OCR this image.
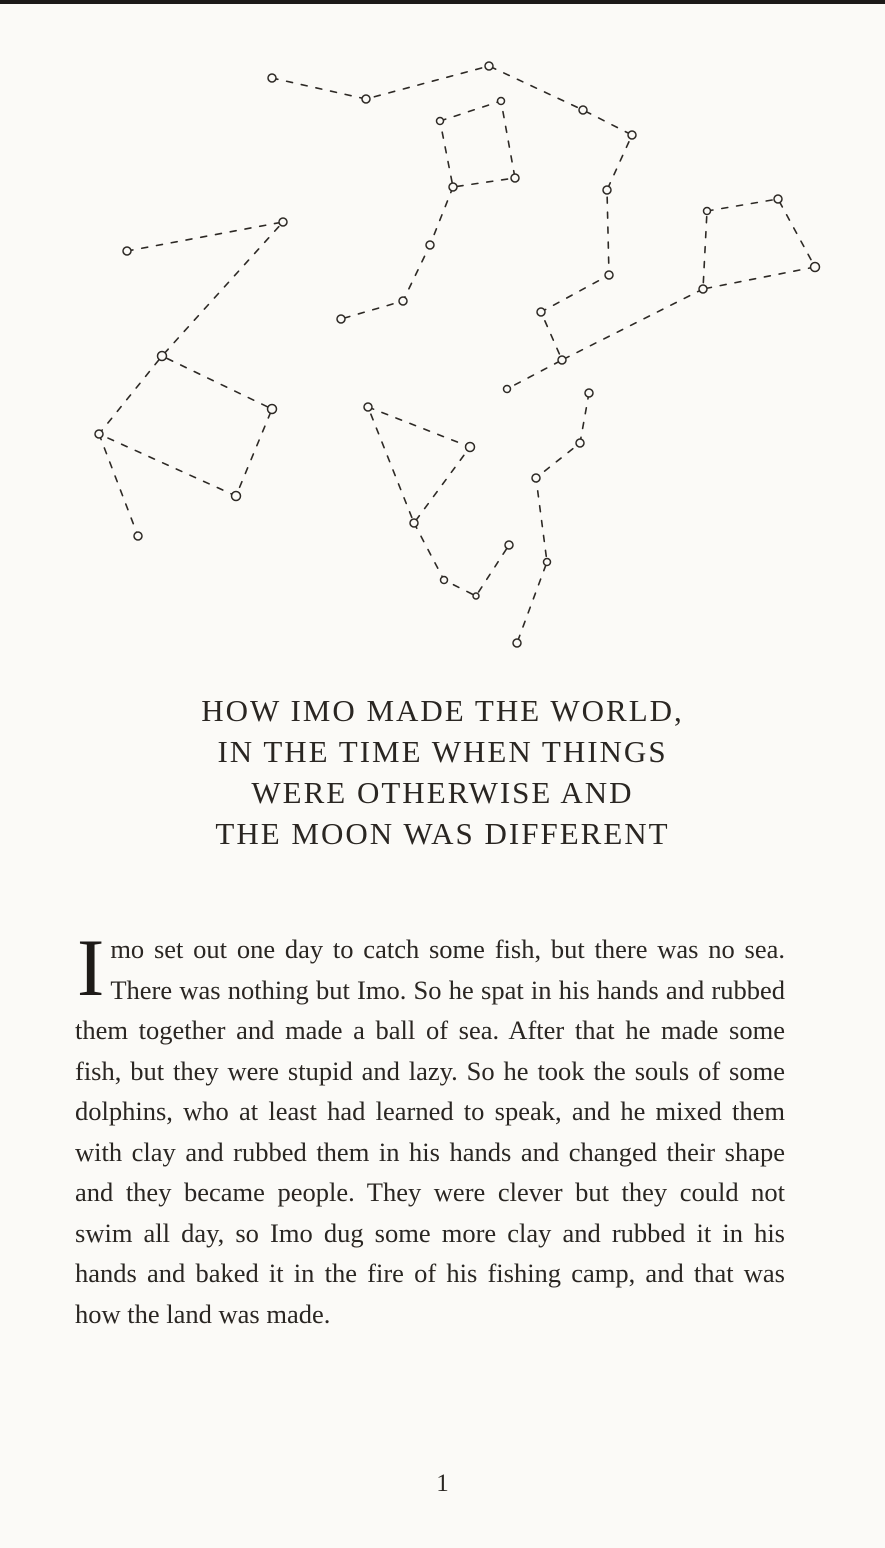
HOW IMO MADE THE WORLD,
IN THE TIME WHEN THINGS
WERE OTHERWISE AND
THE MOON WAS DIFFERENT

Imo set out one day to catch some fish, but there was no sea. There was nothing but Imo. So he spat in his hands and rubbed them together and made a ball of sea. After that he made some fish, but they were stupid and lazy. So he took the souls of some dolphins, who at least had learned to speak, and he mixed them with clay and rubbed them in his hands and changed their shape and they became people. They were clever but they could not swim all day, so Imo dug some more clay and rubbed it in his hands and baked it in the fire of his fishing camp, and that was how the land was made.

1
